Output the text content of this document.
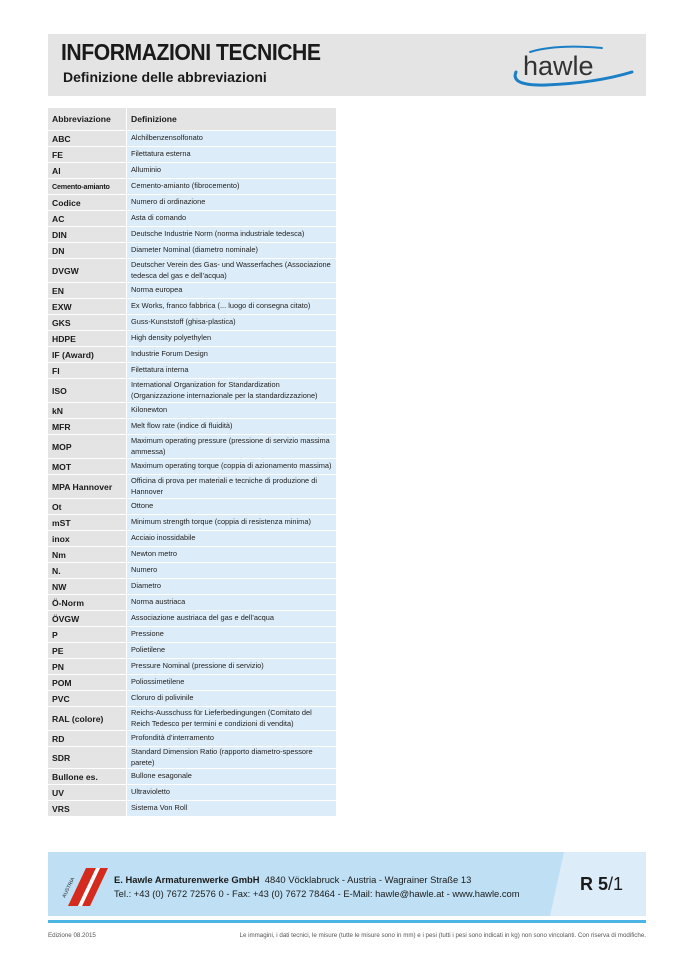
INFORMAZIONI TECNICHE
Definizione delle abbreviazioni	hawle
Abbreviazione	Definizione
ABC	Alchilbenzensolfonato
FE	Filettatura esterna
Al	Alluminio
Cemento-amianto	Cemento-amianto (fibrocemento)
Codice	Numero di ordinazione
AC	Asta di comando
DIN	Deutsche Industrie Norm (norma industriale tedesca)
DN	Diameter Nominal (diametro nominale)
DVGW	Deutscher Verein des Gas- und Wasserfaches (Associazione tedesca del gas e dell’acqua)
EN	Norma europea
EXW	Ex Works, franco fabbrica (... luogo di consegna citato)
GKS	Guss-Kunststoff (ghisa-plastica)
HDPE	High density polyethylen
IF (Award)	Industrie Forum Design
FI	Filettatura interna
ISO	International Organization for Standardization (Organizzazione internazionale per la standardizzazione)
kN	Kilonewton
MFR	Melt flow rate (indice di fluidità)
MOP	Maximum operating pressure (pressione di servizio massima ammessa)
MOT	Maximum operating torque (coppia di azionamento massima)
MPA Hannover	Officina di prova per materiali e tecniche di produzione di Hannover
Ot	Ottone
mST	Minimum strength torque (coppia di resistenza minima)
inox	Acciaio inossidabile
Nm	Newton metro
N.	Numero
NW	Diametro
Ö-Norm	Norma austriaca
ÖVGW	Associazione austriaca del gas e dell’acqua
P	Pressione
PE	Polietilene
PN	Pressure Nominal (pressione di servizio)
POM	Poliossimetilene
PVC	Cloruro di polivinile
RAL (colore)	Reichs-Ausschuss für Lieferbedingungen (Comitato del Reich Tedesco per termini e condizioni di vendita)
RD	Profondità d’interramento
SDR	Standard Dimension Ratio (rapporto diametro-spessore parete)
Bullone es.	Bullone esagonale
UV	Ultravioletto
VRS	Sistema Von Roll
AUSTRIA	E. Hawle Armaturenwerke GmbH 4840 Vöcklabruck - Austria - Wagrainer Straße 13
Tel.: +43 (0) 7672 72576 0 - Fax: +43 (0) 7672 78464 - E-Mail: hawle@hawle.at - www.hawle.com	R 5/1
Edizione 08.2015	Le immagini, i dati tecnici, le misure (tutte le misure sono in mm) e i pesi (tutti i pesi sono indicati in kg) non sono vincolanti. Con riserva di modifiche.
